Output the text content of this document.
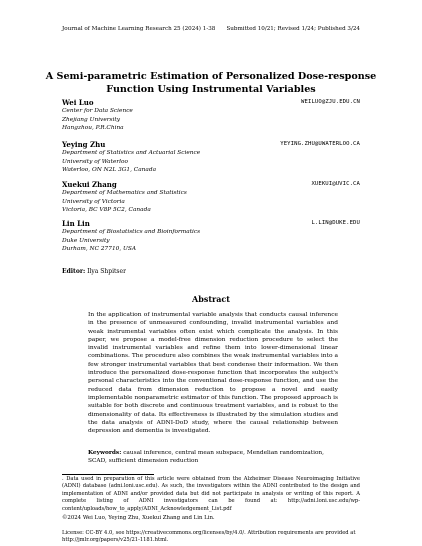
Journal of Machine Learning Research 25 (2024) 1-38 Submitted 10/21; Revised 1/24; Published 3/24
A Semi-parametric Estimation of Personalized Dose-response
Function Using Instrumental Variables
Wei Luo	WEILUO@ZJU.EDU.CN
Center for Data Science
Zhejiang University
Hangzhou, P.R.China
Yeying Zhu	YEYING.ZHU@UWATERLOO.CA
Department of Statistics and Actuarial Science
University of Waterloo
Waterloo, ON N2L 3G1, Canada
Xuekui Zhang	XUEKUI@UVIC.CA
Department of Mathematics and Statistics
University of Victoria
Victoria, BC V8P 5C2, Canada
Lin Lin	L.LIN@DUKE.EDU
Department of Biostatistics and Bioinformatics
Duke University
Durham, NC 27710, USA
Editor: Ilya Shpitser
Abstract
In the application of instrumental variable analysis that conducts causal inference in the presence of unmeasured confounding, invalid instrumental variables and weak instrumental variables often exist which complicate the analysis. In this paper, we propose a model-free dimension reduction procedure to select the invalid instrumental variables and refine them into lower-dimensional linear combinations. The procedure also combines the weak instrumental variables into a few stronger instrumental variables that best condense their information. We then introduce the personalized dose-response function that incorporates the subject's personal characteristics into the conventional dose-response function, and use the reduced data from dimension reduction to propose a novel and easily implementable nonparametric estimator of this function. The proposed approach is suitable for both discrete and continuous treatment variables, and is robust to the dimensionality of data. Its effectiveness is illustrated by the simulation studies and the data analysis of ADNI-DoD study, where the causal relationship between depression and dementia is investigated.
Keywords: causal inference, central mean subspace, Mendelian randomization, SCAD, sufficient dimension reduction
. Data used in preparation of this article were obtained from the Alzheimer Disease Neuroimaging Initiative (ADNI) database (adni.loni.usc.edu). As such, the investigators within the ADNI contributed to the design and implementation of ADNI and/or provided data but did not participate in analysis or writing of this report. A complete listing of ADNI investigators can be found at: http://adni.loni.usc.edu/wp-content/uploads/how_to_apply/ADNI_Acknowledgement_List.pdf
©2024 Wei Luo, Yeying Zhu, Xuekui Zhang and Lin Lin.
License: CC-BY 4.0, see https://creativecommons.org/licenses/by/4.0/. Attribution requirements are provided at http://jmlr.org/papers/v25/21-1181.html.
